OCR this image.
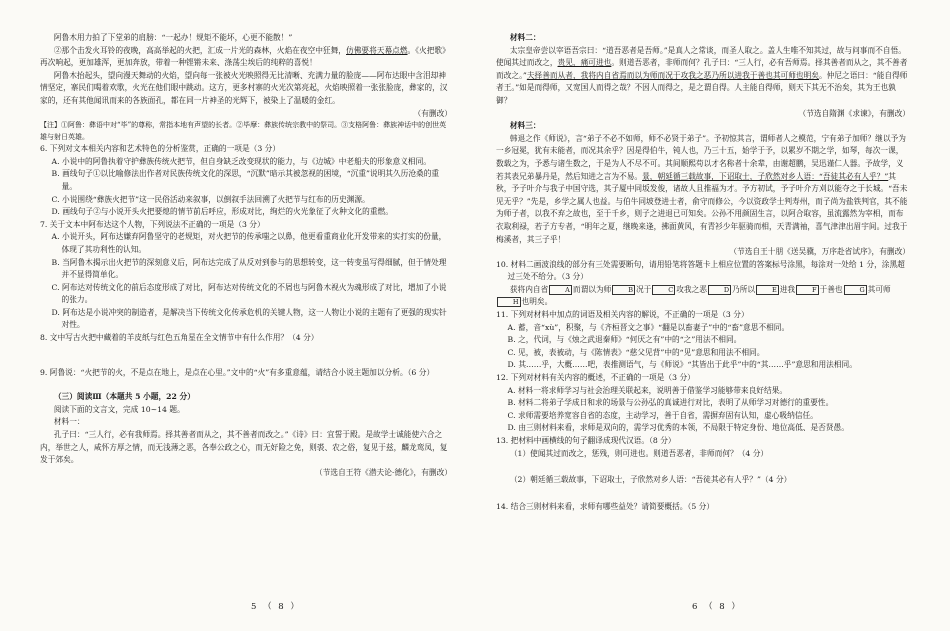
阿鲁木用力拍了下堂弟的肩膀：“一起办！规矩不能坏，心更不能散！”

②那个击发火耳铃的夜晚，高高举起的火把，汇成一片光的森林，火焰在夜空中狂舞，仿佛要将天幕点燃。《火把歌》再次响起，更加雄浑，更加奔放，带着一种铿锵未来、涤荡尘埃后的纯粹的喜悦！

阿鲁木抬起头，望向漫天舞动的火焰，望向每一张被火光映照得无比清晰、充满力量的脸庞——阿布达眼中含泪却神情坚定，寨民们喝着欢歌，火光在他们眼中跳动。这方，更多村寨的火光次第亮起，火焰映照着一张张脸庞，彝家的，汉家的，还有其他闻讯而来的各族面孔，都在同一片神圣的光辉下，被染上了温暖的金红。

（有删改）

【注】①阿鲁：彝语中对“毕”的尊称，常指本地有声望的长者。②毕摩：彝族传统宗教中的祭司。③支格阿鲁：彝族神话中的创世英雄与射日英雄。

6. 下列对文本相关内容和艺术特色的分析鉴赏，正确的一项是（3 分）

A. 小说中的阿鲁执着守护彝族传统火把节，但自身缺乏改变现状的能力，与《边城》中老船夫的形象意义相同。

B. 画线句子①以比喻修法出作者对民族传统文化的深思，“沉默”暗示其被忽视的困境，“沉重”说明其久历沧桑的重量。

C. 小说围绕“彝族火把节”这一民俗活动来叙事，以倒叙手法回溯了火把节与红布的历史渊源。

D. 画线句子②与小说开头火把要熄的情节前后呼应，形成对比，绚烂的火光象征了火种文化的重燃。

7. 关于文本中阿布达这个人物，下列说法不正确的一项是（3 分）

A. 小说开头，阿布达嫌弃阿鲁坚守的老规矩，对火把节的传承嗤之以鼻，他更看重商业化开发带来的实打实的份量，体现了其功利性的认知。

B. 当阿鲁木揭示出火把节的深刻意义后，阿布达完成了从反对到参与的思想转变，这一转变虽写得细腻，但于情处理并不显得简单化。

C. 阿布达对传统文化的前后态度形成了对比，阿布达对传统文化的不屑也与阿鲁木视火为魂形成了对比，增加了小说的张力。

D. 阿布达是小说冲突的制造者，是解决当下传统文化传承危机的关键人物，这一人物让小说的主题有了更强的现实针对性。

8. 文中写古火把中藏着的羊皮纸与红色五角星在全文情节中有什么作用？（4 分）

9. 阿鲁说：“火把节的火，不是点在地上，是点在心里。”文中的“火”有多重意蕴，请结合小说主题加以分析。（6 分）

（三）阅读Ⅲ（本题共 5 小题，22 分）

阅读下面的文言文，完成 10~14 题。

材料一：

孔子曰：“三人行，必有我师焉。择其善者而从之，其不善者而改之。”《诗》曰：宜誓于殿。是故学士诚能使六合之内，举世之人，咸怀方厚之情，而无浅薄之恶，各奉公政之心，而无好险之免，则裘、农之俗，复见于兹，麟龙鸾凤，复发于郊矣。

（节选自王符《潜夫论·德化》，有删改）

5 （ 8 ）

材料二：

太宗皇帝尝以宰语吾宗曰：“道吾恶者是吾师。”是真人之常谈，而圣人取之。盖人生唯不知其过，故与问事而不自悟。使闻其过而改之，贵见，痛可进也。则道吾恶者，非师而何？孔子曰：“三人行，必有吾师焉。择其善者而从之，其不善者而改之。”夫择善而从者，我将内自省焉而以为师而况于攻我之恶乃所以进我于善也其可师也明矣。仲尼之语曰：“能自得师者王。”如是而得师，又宽国人而得之哉？不因人而得之，是之谓自得。人主能自得师，则天下其无不治矣，其为王也孰御？

（节选自隋渊《求谏》，有删改）

材料三：

韩退之作《师说》，言“弟子不必不如师，师不必贤于弟子”。予初惊其言，谓师者人之模范，宁有弟子加师？继以予为一乡冠冕，犹有未能者，而况其余乎？因是得伯牛，钝人也，乃三十五，始学于予，以累岁不期之学，如琴，每次一课，数载之为，予悉与诸生数之，于是为人不尽不可。其间顺熙苟以才名称者十余辈，由谢超鹏，吴迅谨仁人器。予故学，义若其表兄弟暴丹是，然后知进之言为不易。景，朝延循三载故事，下诏取士，子欣然对乡人语：“吾徒其必有人乎？”其秋，予子叶介与我子中国守选，其子厦中同坂发俊，诸故人且推福为才。予方初试，予子叶介方刈以能夺之于长城。“吾未见无乎？”先是，乡学之属人也益。与伯牛同坡登进士者，俞守而修公，今以资政学士判寿州，而子尚为盐铁判官，其不能为师子者，以我不弃之故也，至于千乡，则子之进退已可知矣。公孙不用颜固生言，以阿合取容，虽流露然为宰相，而布衣取利禄，若子方专者，“明年之夏，继晚来逢，拂面黄风，有青衫少年驱骑而相，天青满袖，喜气津津出眉宇间。过我于梅溪者，其三子乎！

（节选自王十朋《送吴骥，万序赴省试序》，有删改）

10. 材料二画波浪线的部分有三处需要断句，请用铅笔将答题卡上相应位置的答案标号涂黑，每涂对一处给 1 分，涂黑超过三处不给分。（3 分）

获将内自省	A 而谓以为师	B 况于	C 攻我之恶	D 乃所以	E 进我	F 于善也	G 其可师H 也明矣。

11. 下列对材料中加点的词语及相关内容的解说，不正确的一项是（3 分）

A. 蓄，音“xù”，积聚，与《齐桓晋文之事》“翻是以畜妻子”中的“畜”意思不相同。

B. 之，代词，与《烛之武退秦师》“何厌之有”中的“之”用法不相同。

C. 见，被，表被动，与《陈情表》“慈父见背”中的“见”意思和用法不相同。

D. 其……乎，大概……吧，表推测语气，与《师说》“其皆出于此乎”中的“其……乎”意思和用法相同。

12. 下列对材料有关内容的概述，不正确的一项是（3 分）

A. 材料一将求师学习与社会治理关联起来，说明善于借鉴学习能够带来良好结果。

B. 材料二将弟子学成日和求的场景与公孙弘的真诚进行对比，表明了从师学习对德行的重要性。

C. 求师需要培养宽容自省的态度，主动学习，善于自省，需摒弃固有认知，虚心吸纳信任。

D. 由三则材料来看，求师是双向的，需学习优秀的本领，不局限于特定身份、地位高低、是否贤愚。

13. 把材料中画横线的句子翻译成现代汉语。（8 分）

（1）使闻其过而改之，惩残，则可进也。则道吾恶者，非师而何？（4 分）

（2）朝廷循三载故事，下诏取士，子欣然对乡人语：“吾徒其必有人乎？”（4 分）

14. 结合三则材料来看，求师有哪些益处？请简要概括。（5 分）

6 （ 8 ）
